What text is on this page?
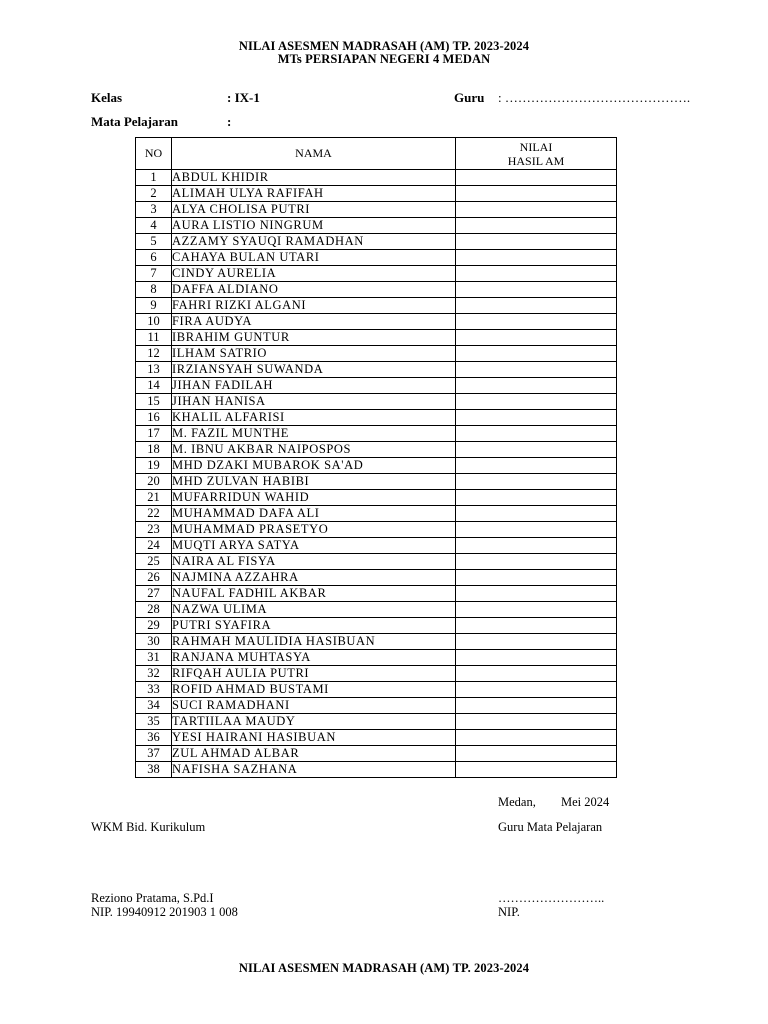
NILAI ASESMEN MADRASAH (AM) TP. 2023-2024
MTs PERSIAPAN NEGERI 4 MEDAN
Kelas	: IX-1	Guru : …………………………………….
Mata Pelajaran	:
NO	NAMA	NILAI
HASIL AM

1	ABDUL KHIDIR	
2	ALIMAH ULYA RAFIFAH	
3	ALYA CHOLISA PUTRI	
4	AURA LISTIO NINGRUM	
5	AZZAMY SYAUQI RAMADHAN	
6	CAHAYA BULAN UTARI	
7	CINDY AURELIA	
8	DAFFA ALDIANO	
9	FAHRI RIZKI ALGANI	
10	FIRA AUDYA	
11	IBRAHIM GUNTUR	
12	ILHAM SATRIO	
13	IRZIANSYAH SUWANDA	
14	JIHAN FADILAH	
15	JIHAN HANISA	
16	KHALIL ALFARISI	
17	M. FAZIL MUNTHE	
18	M. IBNU AKBAR NAIPOSPOS	
19	MHD DZAKI MUBAROK SA'AD	
20	MHD ZULVAN HABIBI	
21	MUFARRIDUN WAHID	
22	MUHAMMAD DAFA ALI	
23	MUHAMMAD PRASETYO	
24	MUQTI ARYA SATYA	
25	NAIRA AL FISYA	
26	NAJMINA AZZAHRA	
27	NAUFAL FADHIL AKBAR	
28	NAZWA ULIMA	
29	PUTRI SYAFIRA	
30	RAHMAH MAULIDIA HASIBUAN	
31	RANJANA MUHTASYA	
32	RIFQAH AULIA PUTRI	
33	ROFID AHMAD BUSTAMI	
34	SUCI RAMADHANI	
35	TARTIILAA MAUDY	
36	YESI HAIRANI HASIBUAN	
37	ZUL AHMAD ALBAR	
38	NAFISHA SAZHANA	
Medan, Mei 2024
WKM Bid. Kurikulum	Guru Mata Pelajaran
Reziono Pratama, S.Pd.I
NIP. 19940912 201903 1 008
……………………..
NIP.
NILAI ASESMEN MADRASAH (AM) TP. 2023-2024
